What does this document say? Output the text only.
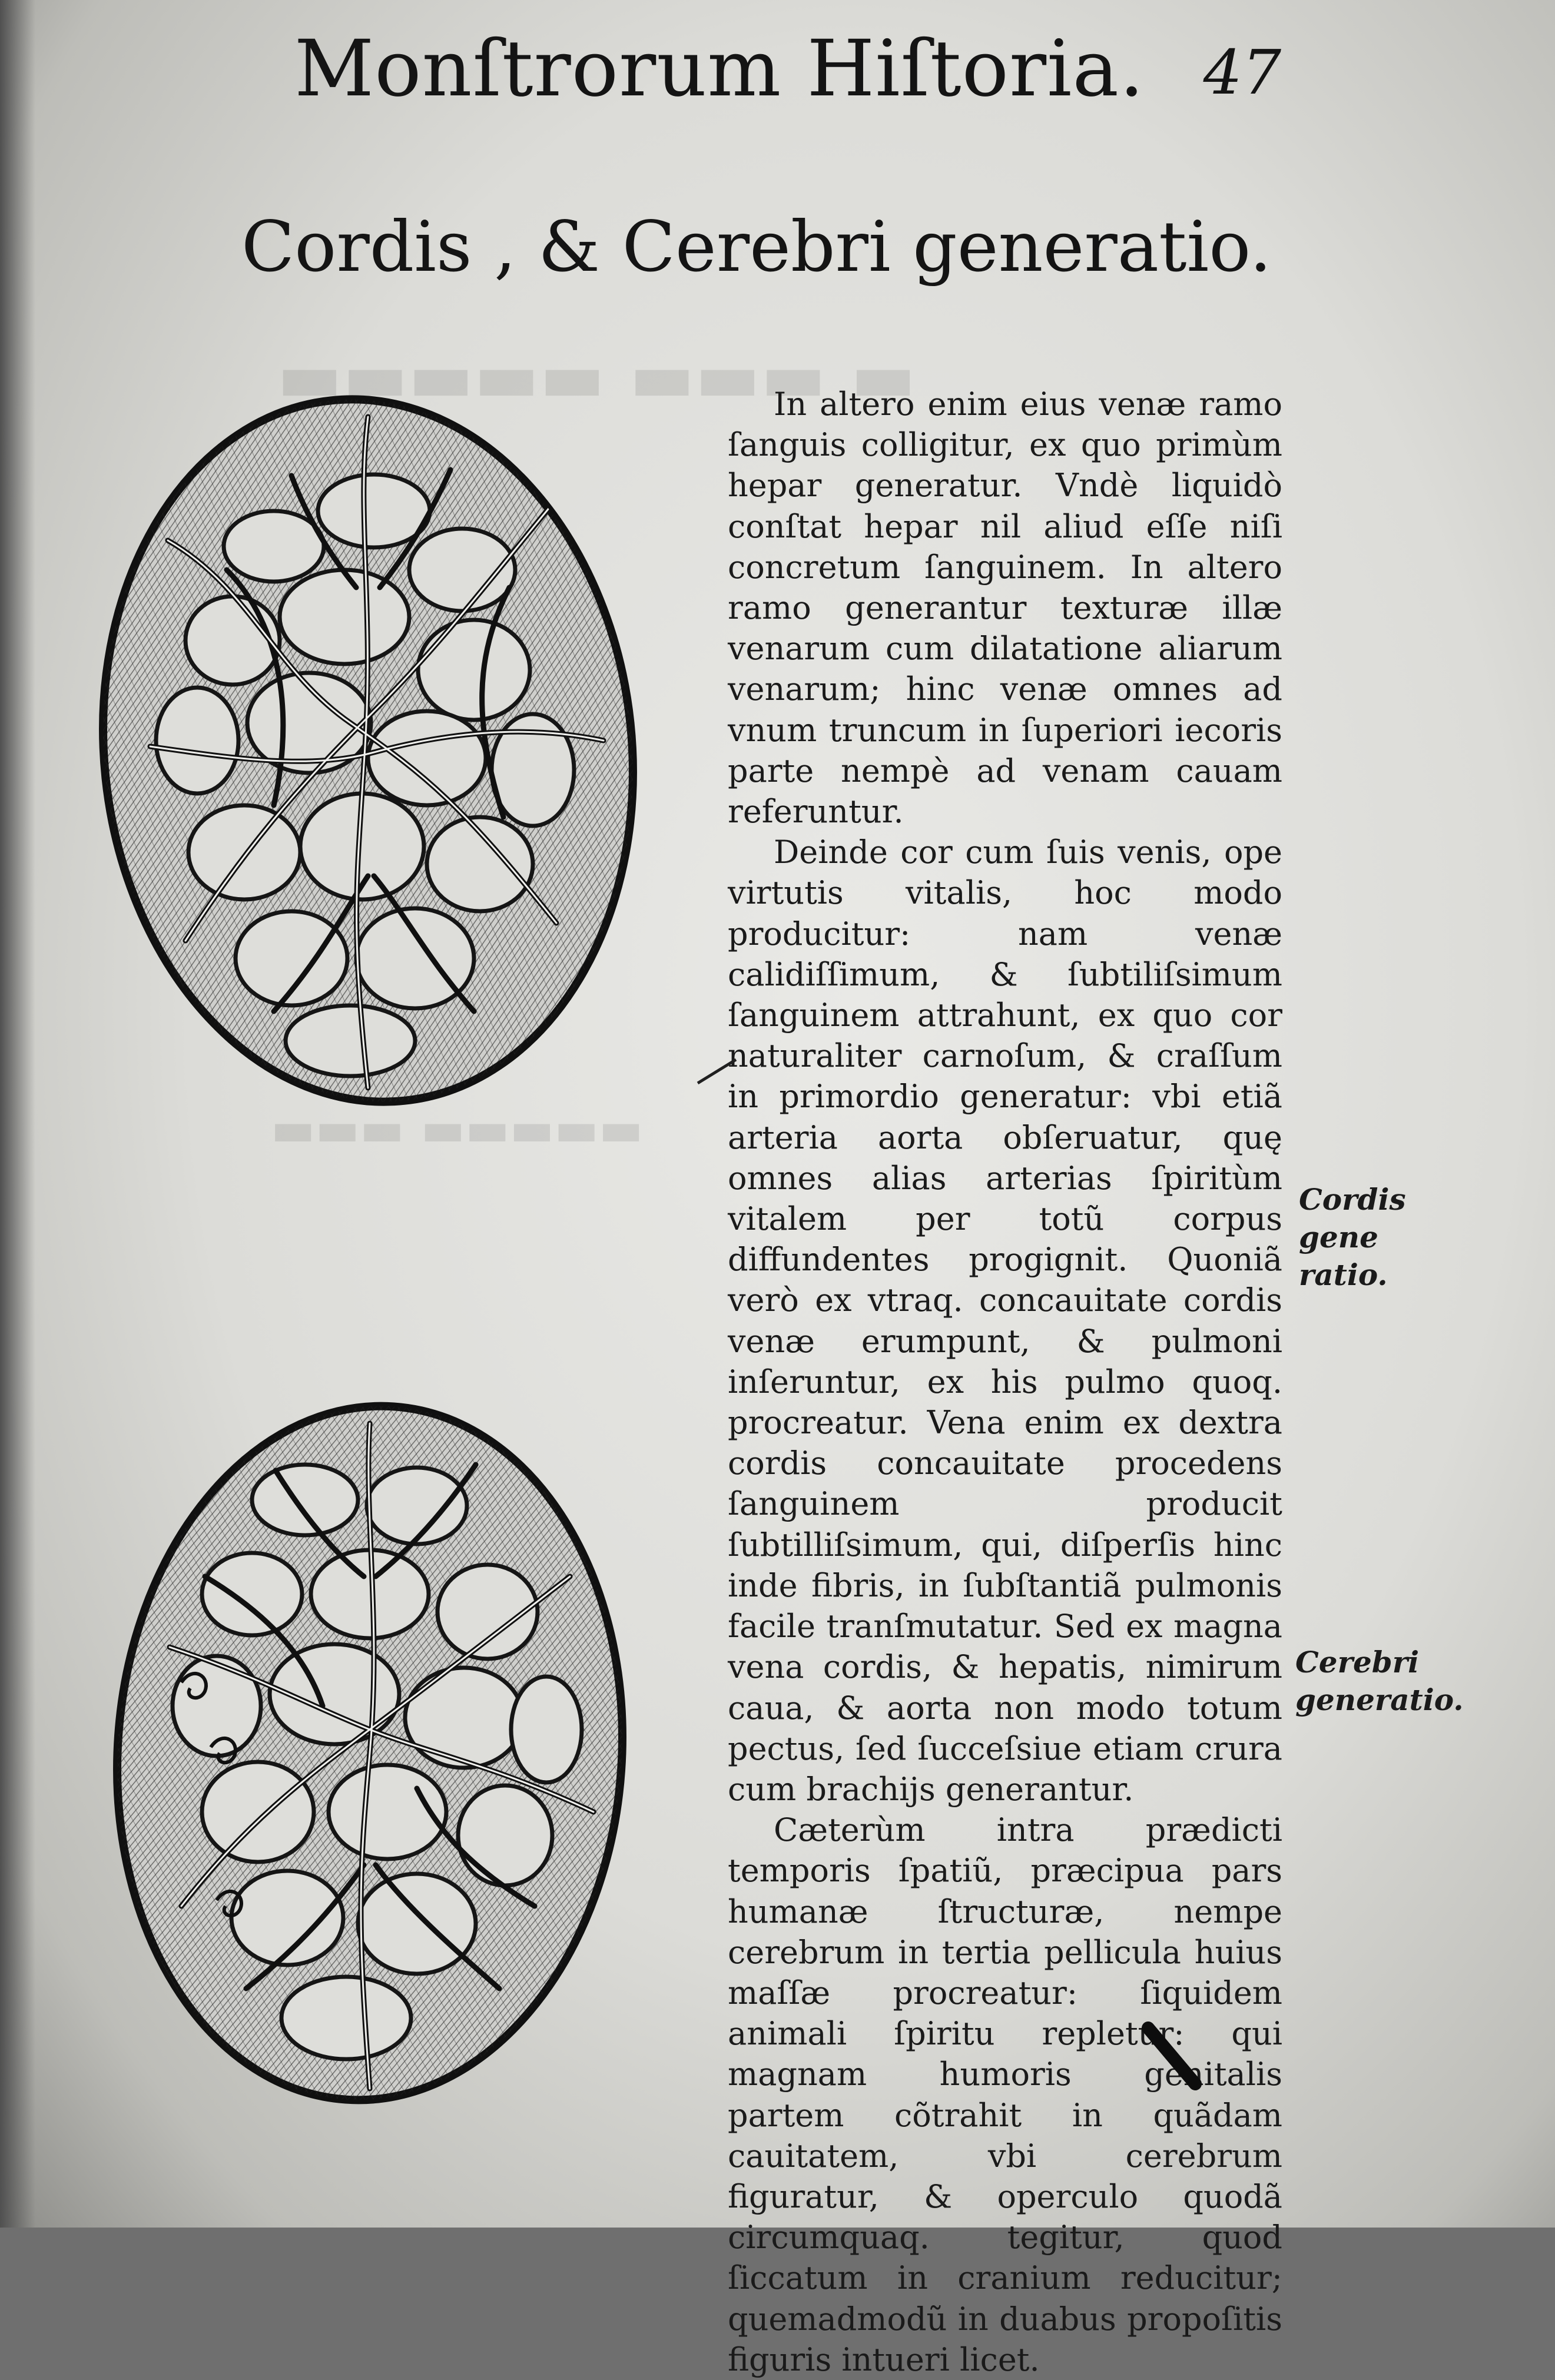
▬ ▬▬▬ ▬▬▬▬▬
▬▬▬▬▬ ▬▬▬
Monſtrorum Hiſtoria. 47
Cordis , & Cerebri generatio.

In altero enim eius venæ ramo ſanguis colligitur, ex quo primùm hepar generatur. Vndè liquidò conſtat hepar nil aliud eſſe niſi concretum ſanguinem. In altero ramo generantur texturæ illæ venarum cum dilatatione aliarum venarum; hinc venæ omnes ad vnum truncum in ſuperiori iecoris parte nempè ad venam cauam referuntur.

Deinde cor cum ſuis venis, ope virtutis vitalis, hoc modo producitur: nam venæ calidiſſimum, & ſubtiliſsimum ſanguinem attrahunt, ex quo cor naturaliter carnoſum, & craſſum in primordio generatur: vbi etiã arteria aorta obſeruatur, quę omnes alias arterias ſpiritùm vitalem per totũ corpus diffundentes progignit. Quoniã verò ex vtraq. concauitate cordis venæ erumpunt, & pulmoni inſeruntur, ex his pulmo quoq. procreatur. Vena enim ex dextra cordis concauitate procedens ſanguinem producit ſubtilliſsimum, qui, diſperſis hinc inde fibris, in ſubſtantiã pulmonis facile tranſmutatur. Sed ex magna vena cordis, & hepatis, nimirum caua, & aorta non modo totum pectus, ſed ſucceſsiue etiam crura cum brachijs generantur.

Cæterùm intra prædicti temporis ſpatiũ, præcipua pars humanæ ſtructuræ, nempe cerebrum in tertia pellicula huius maſſæ procreatur: ſiquidem animali ſpiritu repletur: qui magnam humoris genitalis partem cõtrahit in quãdam cauitatem, vbi cerebrum figuratur, & operculo quodã circumquaq. tegitur, quod ſiccatum in cranium reducitur; quemadmodũ in duabus propoſitis figuris intueri licet.

Cordis gene ratio.
Cerebri generatio.
